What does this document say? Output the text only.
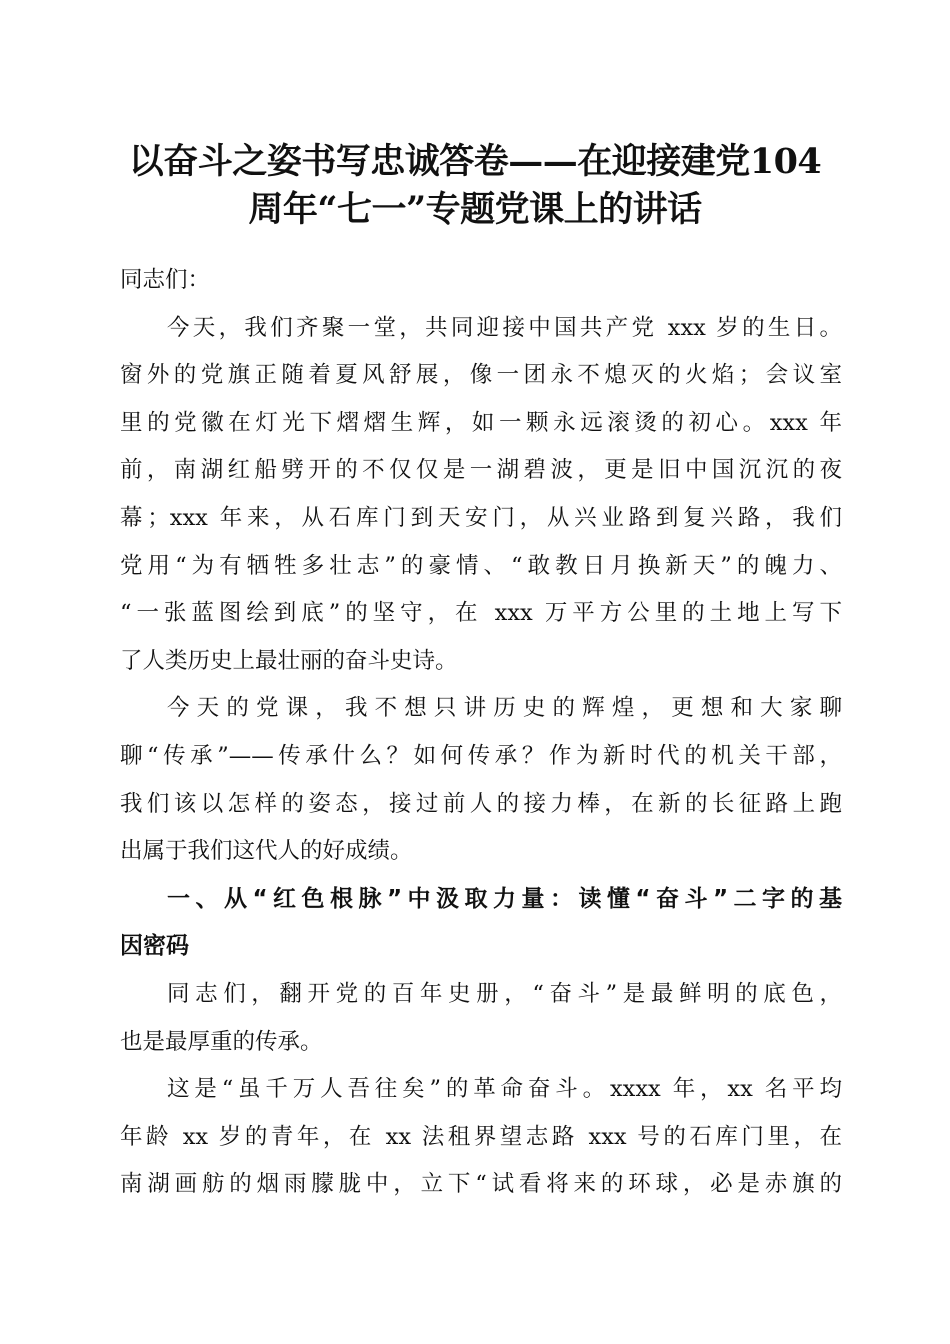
以奋斗之姿书写忠诚答卷——在迎接建党104
周年“七一”专题党课上的讲话
同志们：
今天，我们齐聚一堂，共同迎接中国共产党 xxx 岁的生日。
窗外的党旗正随着夏风舒展，像一团永不熄灭的火焰；会议室
里的党徽在灯光下熠熠生辉，如一颗永远滚烫的初心。xxx 年
前，南湖红船劈开的不仅仅是一湖碧波，更是旧中国沉沉的夜
幕；xxx 年来，从石库门到天安门，从兴业路到复兴路，我们
党用“为有牺牲多壮志”的豪情、“敢教日月换新天”的魄力、
“一张蓝图绘到底”的坚守，在 xxx 万平方公里的土地上写下
了人类历史上最壮丽的奋斗史诗。
今天的党课，我不想只讲历史的辉煌，更想和大家聊
聊“传承”——传承什么？如何传承？作为新时代的机关干部，
我们该以怎样的姿态，接过前人的接力棒，在新的长征路上跑
出属于我们这代人的好成绩。
一、从“红色根脉”中汲取力量：读懂“奋斗”二字的基
因密码
同志们，翻开党的百年史册，“奋斗”是最鲜明的底色，
也是最厚重的传承。
这是“虽千万人吾往矣”的革命奋斗。xxxx 年，xx 名平均
年龄 xx 岁的青年，在 xx 法租界望志路 xxx 号的石库门里，在
南湖画舫的烟雨朦胧中，立下“试看将来的环球，必是赤旗的
